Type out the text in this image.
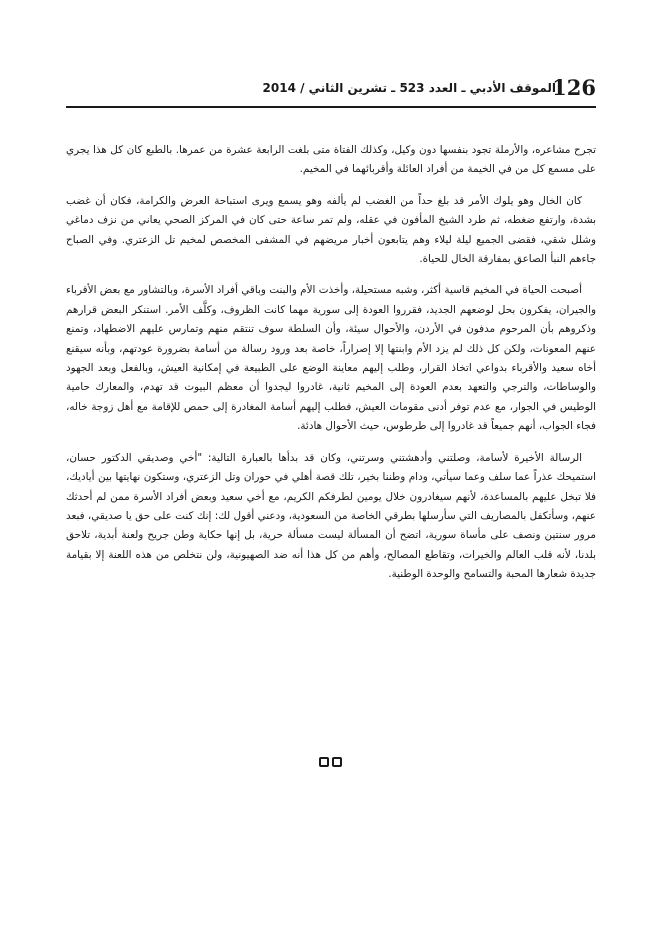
126
الموقف الأدبي ـ العدد 523 ـ تشرين الثاني / 2014

تجرح مشاعره، والأرملة تجود بنفسها دون وكيل، وكذلك الفتاة متى بلغت الرابعة عشرة من عمرها. بالطبع كان كل هذا يجري على مسمع كل من في الخيمة من أفراد العائلة وأقربائهما في المخيم.

كان الخال وهو يلوك الأمر قد بلغ حداً من الغضب لم يألفه وهو يسمع ويرى استباحة العرض والكرامة، فكان أن غضب بشدة، وارتفع ضغطه، ثم طرد الشيخ المأفون في عقله، ولم تمر ساعة حتى كان في المركز الصحي يعاني من نزف دماغي وشلل شقي، فقضى الجميع ليلة ليلاء وهم يتابعون أخبار مريضهم في المشفى المخصص لمخيم تل الزعتري. وفي الصباح جاءهم النبأ الصاعق بمفارقة الخال للحياة.

أصبحت الحياة في المخيم قاسية أكثر، وشبه مستحيلة، وأخذت الأم والبنت وباقي أفراد الأسرة، وبالتشاور مع بعض الأقرباء والجيران، يفكرون بحل لوضعهم الجديد، فقرروا العودة إلى سورية مهما كانت الظروف، وكلَّف الأمر. استنكر البعض قرارهم وذكروهم بأن المرحوم مدفون في الأردن، والأحوال سيئة، وأن السلطة سوف تنتقم منهم وتمارس عليهم الاضطهاد، وتمنع عنهم المعونات، ولكن كل ذلك لم يزد الأم وابنتها إلا إصراراً، خاصة بعد ورود رسالة من أسامة بضرورة عودتهم، وبأنه سيقنع أخاه سعيد والأقرباء بدواعي اتخاذ القرار، وطلب إليهم معاينة الوضع على الطبيعة في إمكانية العيش، وبالفعل وبعد الجهود والوساطات، والترجي والتعهد بعدم العودة إلى المخيم ثانية، غادروا ليجدوا أن معظم البيوت قد تهدم، والمعارك حامية الوطيس في الجوار، مع عدم توفر أدنى مقومات العيش، فطلب إليهم أسامة المغادرة إلى حمص للإقامة مع أهل زوجة خاله، فجاء الجواب، أنهم جميعاً قد غادروا إلى طرطوس، حيث الأحوال هادئة.

الرسالة الأخيرة لأسامة، وصلتني وأدهشتني وسرتني، وكان قد بدأها بالعبارة التالية: "أخي وصديقي الدكتور حسان، استميحك عذراً عما سلف وعما سيأتي، ودام وطننا بخير، تلك قصة أهلي في حوران وتل الزعتري، وستكون نهايتها بين أياديك، فلا تبخل عليهم بالمساعدة، لأنهم سيغادرون خلال يومين لطرفكم الكريم، مع أخي سعيد وبعض أفراد الأسرة ممن لم أحدثك عنهم، وسأتكفل بالمصاريف التي سأرسلها بطرقي الخاصة من السعودية، ودعني أقول لك: إنك كنت على حق يا صديقي، فبعد مرور سنتين ونصف على مأساة سورية، اتضح أن المسألة ليست مسألة حرية، بل إنها حكاية وطن جريح ولعنة أبدية، تلاحق بلدنا، لأنه قلب العالم والخيرات، وتقاطع المصالح، وأهم من كل هذا أنه ضد الصهيونية، ولن نتخلص من هذه اللعنة إلا بقيامة جديدة شعارها المحبة والتسامح والوحدة الوطنية.
